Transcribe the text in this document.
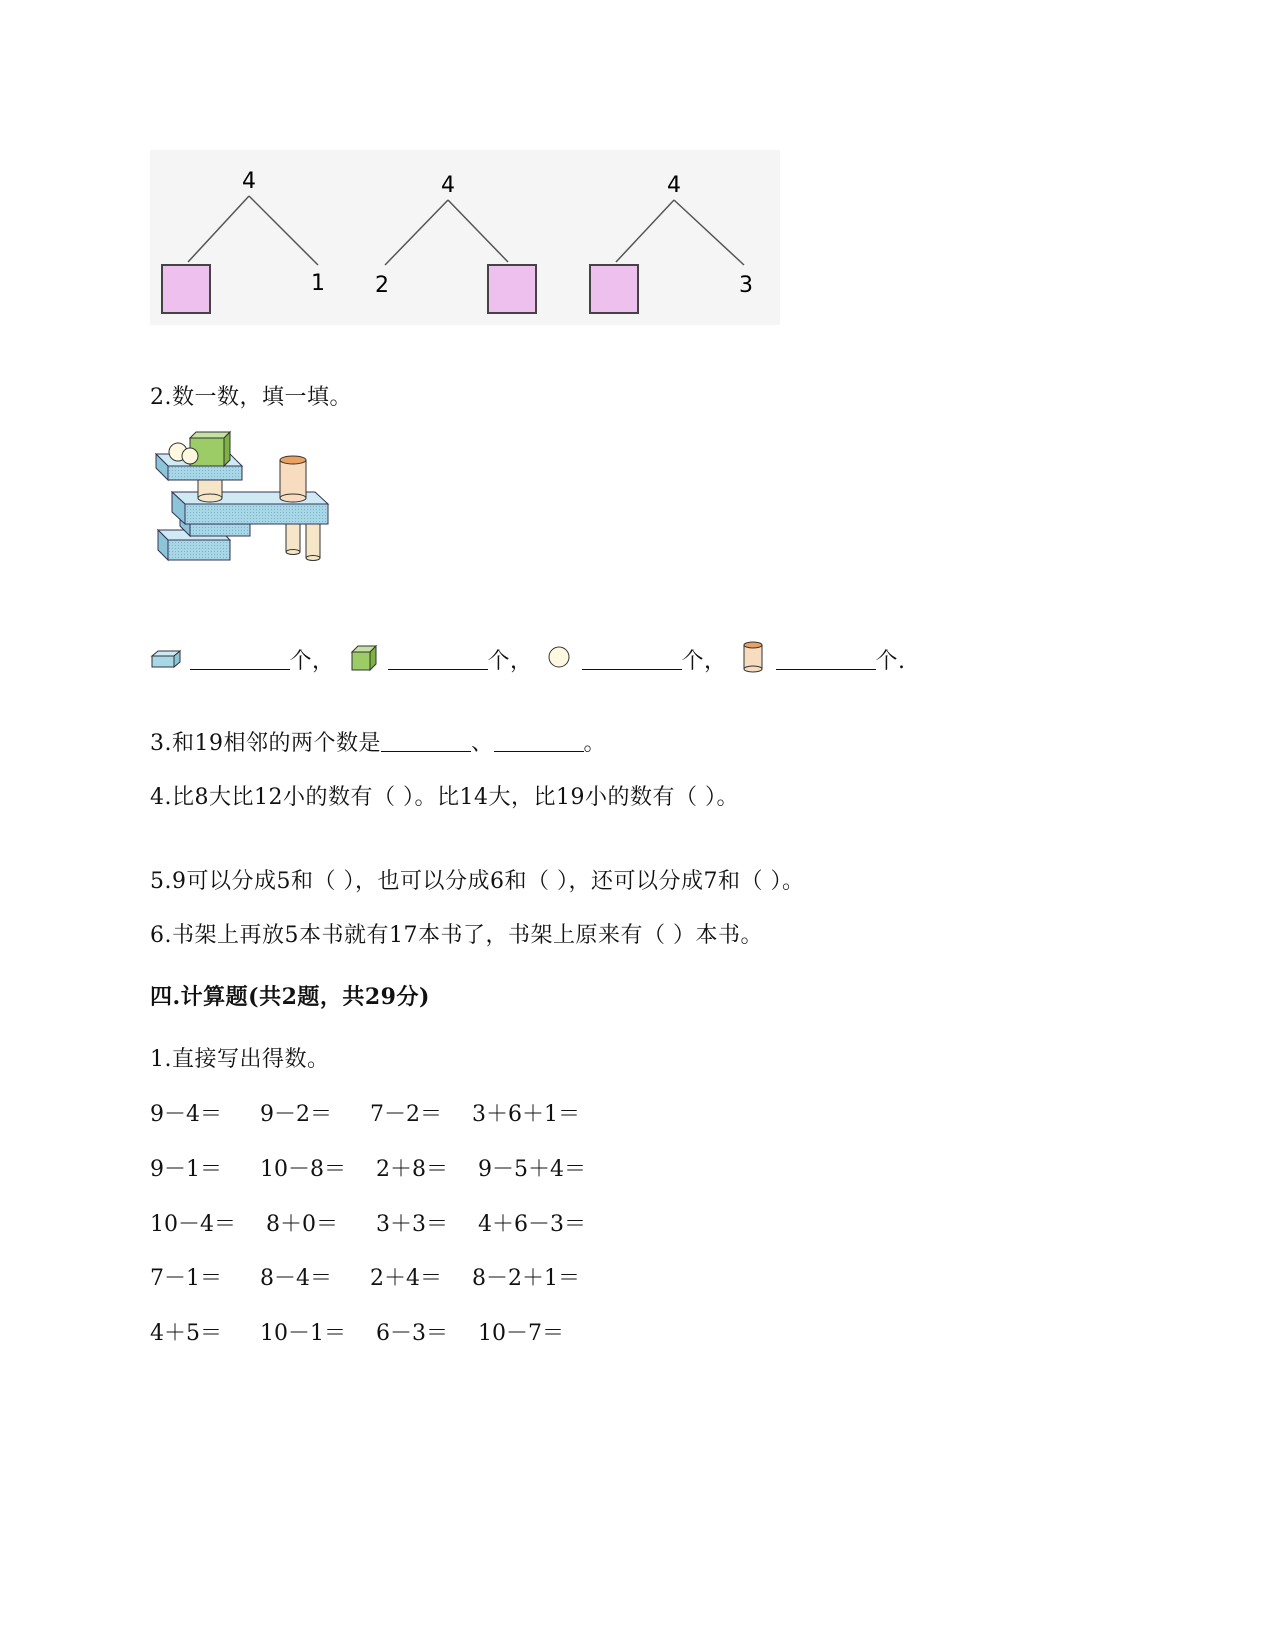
4
1
4
2
4
3
2.数一数，填一填。
个，	个，	个，	个.
3.和19相邻的两个数是	、	。
4.比8大比12小的数有（ ）。比14大，比19小的数有（ ）。
5.9可以分成5和（ ），也可以分成6和（ ），还可以分成7和（ ）。
6.书架上再放5本书就有17本书了，书架上原来有（ ）本书。
四.计算题(共2题，共29分)
1.直接写出得数。
9－4＝ 9－2＝ 7－2＝ 3＋6＋1＝
9－1＝ 10－8＝ 2＋8＝ 9－5＋4＝
10－4＝ 8＋0＝ 3＋3＝ 4＋6－3＝
7－1＝ 8－4＝ 2＋4＝ 8－2＋1＝
4＋5＝ 10－1＝ 6－3＝ 10－7＝
